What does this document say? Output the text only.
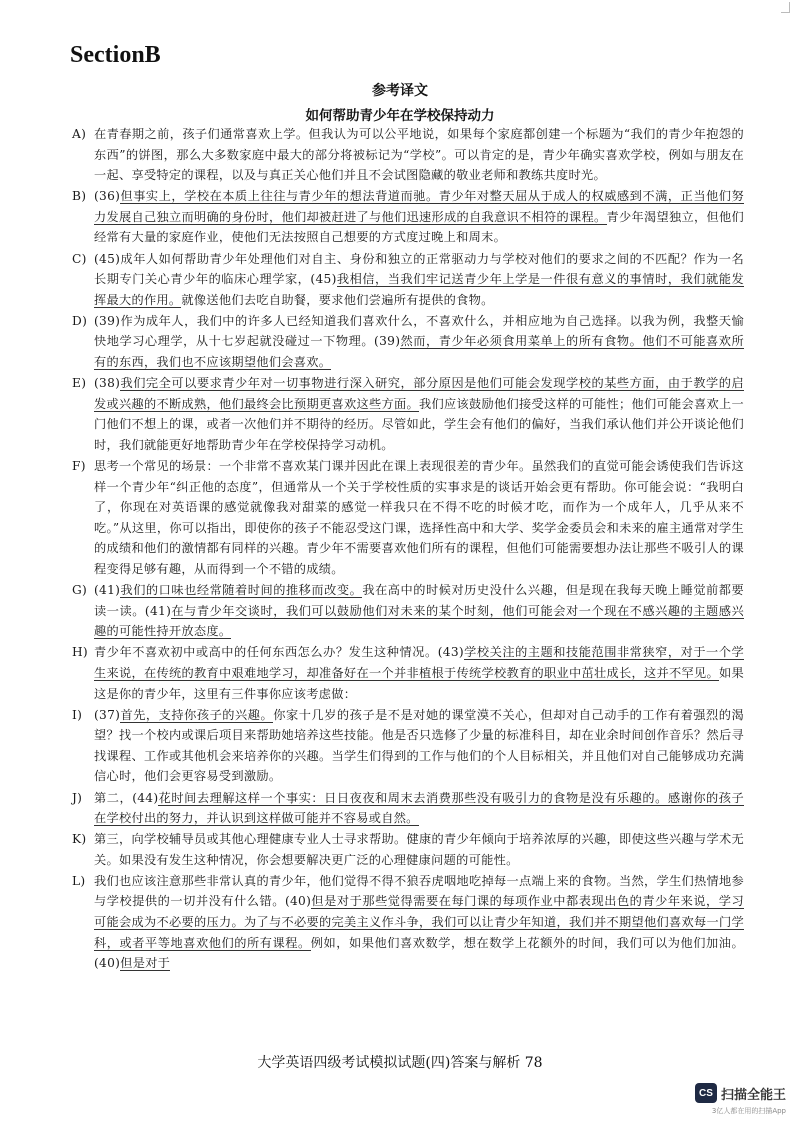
SectionB
参考译文
如何帮助青少年在学校保持动力
A) 在青春期之前，孩子们通常喜欢上学。但我认为可以公平地说，如果每个家庭都创建一个标题为“我们的青少年抱怨的东西”的饼图，那么大多数家庭中最大的部分将被标记为“学校”。可以肯定的是，青少年确实喜欢学校，例如与朋友在一起、享受特定的课程，以及与真正关心他们并且不会试图隐藏的敬业老师和教练共度时光。
B) (36)但事实上，学校在本质上往往与青少年的想法背道而驰。青少年对整天屈从于成人的权威感到不满，正当他们努力发展自己独立而明确的身份时，他们却被赶进了与他们迅速形成的自我意识不相符的课程。青少年渴望独立，但他们经常有大量的家庭作业，使他们无法按照自己想要的方式度过晚上和周末。
C) (45)成年人如何帮助青少年处理他们对自主、身份和独立的正常驱动力与学校对他们的要求之间的不匹配？作为一名长期专门关心青少年的临床心理学家，(45)我相信，当我们牢记送青少年上学是一件很有意义的事情时，我们就能发挥最大的作用。就像送他们去吃自助餐，要求他们尝遍所有提供的食物。
D) (39)作为成年人，我们中的许多人已经知道我们喜欢什么，不喜欢什么，并相应地为自己选择。以我为例，我整天愉快地学习心理学，从十七岁起就没碰过一下物理。(39)然而，青少年必须食用菜单上的所有食物。他们不可能喜欢所有的东西，我们也不应该期望他们会喜欢。
E) (38)我们完全可以要求青少年对一切事物进行深入研究，部分原因是他们可能会发现学校的某些方面，由于教学的启发或兴趣的不断成熟，他们最终会比预期更喜欢这些方面。我们应该鼓励他们接受这样的可能性；他们可能会喜欢上一门他们不想上的课，或者一次他们并不期待的经历。尽管如此，学生会有他们的偏好，当我们承认他们并公开谈论他们时，我们就能更好地帮助青少年在学校保持学习动机。
F) 思考一个常见的场景：一个非常不喜欢某门课并因此在课上表现很差的青少年。虽然我们的直觉可能会诱使我们告诉这样一个青少年“纠正他的态度”，但通常从一个关于学校性质的实事求是的谈话开始会更有帮助。你可能会说：“我明白了，你现在对英语课的感觉就像我对甜菜的感觉一样我只在不得不吃的时候才吃，而作为一个成年人，几乎从来不吃。”从这里，你可以指出，即使你的孩子不能忍受这门课，选择性高中和大学、奖学金委员会和未来的雇主通常对学生的成绩和他们的激情都有同样的兴趣。青少年不需要喜欢他们所有的课程，但他们可能需要想办法让那些不吸引人的课程变得足够有趣，从而得到一个不错的成绩。
G) (41)我们的口味也经常随着时间的推移而改变。我在高中的时候对历史没什么兴趣，但是现在我每天晚上睡觉前都要读一读。(41)在与青少年交谈时，我们可以鼓励他们对未来的某个时刻，他们可能会对一个现在不感兴趣的主题感兴趣的可能性持开放态度。
H) 青少年不喜欢初中或高中的任何东西怎么办？发生这种情况。(43)学校关注的主题和技能范围非常狭窄，对于一个学生来说，在传统的教育中艰难地学习，却准备好在一个并非植根于传统学校教育的职业中茁壮成长，这并不罕见。如果这是你的青少年，这里有三件事你应该考虑做：
I) (37)首先，支持你孩子的兴趣。你家十几岁的孩子是不是对她的课堂漠不关心，但却对自己动手的工作有着强烈的渴望？找一个校内或课后项目来帮助她培养这些技能。他是否只选修了少量的标准科目，却在业余时间创作音乐？然后寻找课程、工作或其他机会来培养你的兴趣。当学生们得到的工作与他们的个人目标相关，并且他们对自己能够成功充满信心时，他们会更容易受到激励。
J) 第二，(44)花时间去理解这样一个事实：日日夜夜和周末去消费那些没有吸引力的食物是没有乐趣的。感谢你的孩子在学校付出的努力，并认识到这样做可能并不容易或自然。
K) 第三，向学校辅导员或其他心理健康专业人士寻求帮助。健康的青少年倾向于培养浓厚的兴趣，即使这些兴趣与学术无关。如果没有发生这种情况，你会想要解决更广泛的心理健康问题的可能性。
L) 我们也应该注意那些非常认真的青少年，他们觉得不得不狼吞虎咽地吃掉每一点端上来的食物。当然，学生们热情地参与学校提供的一切并没有什么错。(40)但是对于那些觉得需要在每门课的每项作业中都表现出色的青少年来说，学习可能会成为不必要的压力。为了与不必要的完美主义作斗争，我们可以让青少年知道，我们并不期望他们喜欢每一门学科，或者平等地喜欢他们的所有课程。例如，如果他们喜欢数学，想在数学上花额外的时间，我们可以为他们加油。(40)但是对于
大学英语四级考试模拟试题(四)答案与解析 78
CS 扫描全能王
3亿人都在用的扫描App
